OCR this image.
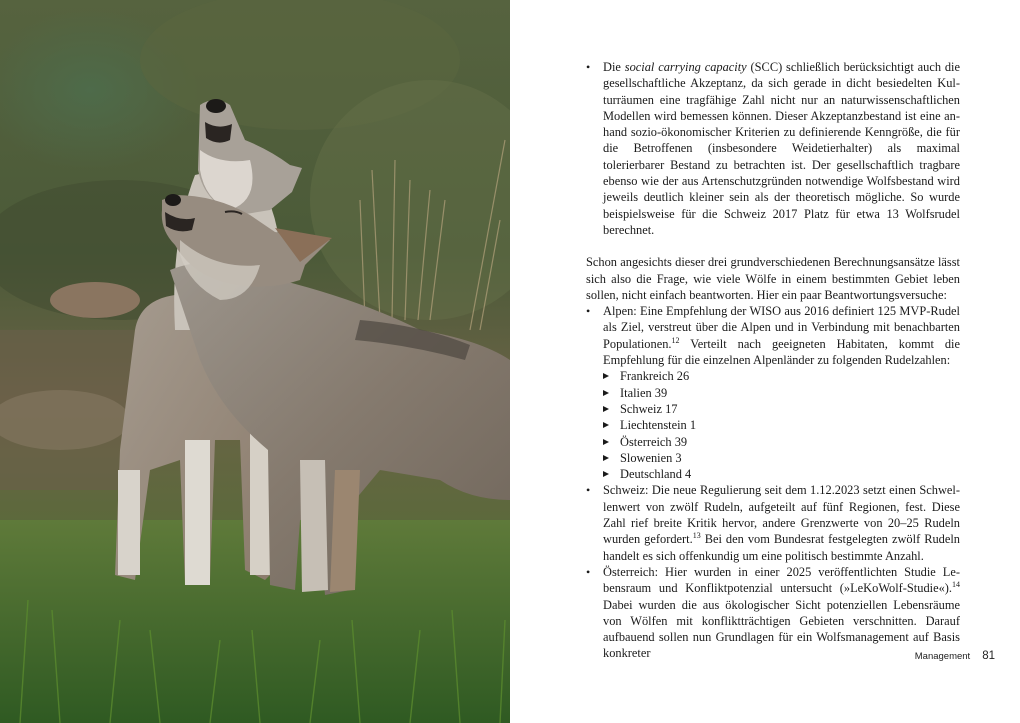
• Die social carrying capacity (SCC) schließlich berücksichtigt auch die gesellschaftliche Akzeptanz, da sich gerade in dicht besiedelten Kulturräumen eine tragfähige Zahl nicht nur an naturwissenschaftlichen Modellen wird bemessen können. Dieser Akzeptanzbestand ist eine anhand sozio-ökonomischer Kriterien zu definierende Kenngröße, die für die Betroffenen (insbesondere Weidetierhalter) als maximal tolerierbarer Bestand zu betrachten ist. Der gesellschaftlich tragbare ebenso wie der aus Artenschutzgründen notwendige Wolfsbestand wird jeweils deutlich kleiner sein als der theoretisch mögliche. So wurde beispielsweise für die Schweiz 2017 Platz für etwa 13 Wolfsrudel berechnet.

Schon angesichts dieser drei grundverschiedenen Berechnungsansätze lässt sich also die Frage, wie viele Wölfe in einem bestimmten Gebiet leben sollen, nicht einfach beantworten. Hier ein paar Beantwortungsversuche:

• Alpen: Eine Empfehlung der WISO aus 2016 definiert 125 MVP-Rudel als Ziel, verstreut über die Alpen und in Verbindung mit benachbarten Populationen.$^{12}$ Verteilt nach geeigneten Habitaten, kommt die Empfehlung für die einzelnen Alpenländer zu folgenden Rudelzahlen:
Frankreich 26
Italien 39
Schweiz 17
Liechtenstein 1
Österreich 39
Slowenien 3
Deutschland 4

• Schweiz: Die neue Regulierung seit dem 1.12.2023 setzt einen Schwellenwert von zwölf Rudeln, aufgeteilt auf fünf Regionen, fest. Diese Zahl rief breite Kritik hervor, andere Grenzwerte von 20–25 Rudeln wurden gefordert.$^{13}$ Bei den vom Bundesrat festgelegten zwölf Rudeln handelt es sich offenkundig um eine politisch bestimmte Anzahl.

• Österreich: Hier wurden in einer 2025 veröffentlichten Studie Lebensraum und Konfliktpotenzial untersucht (»LeKoWolf-Studie«).$^{14}$ Dabei wurden die aus ökologischer Sicht potenziellen Lebensräume von Wölfen mit konfliktträchtigen Gebieten verschnitten. Darauf aufbauend sollen nun Grundlagen für ein Wolfsmanagement auf Basis konkreter	Management 81
